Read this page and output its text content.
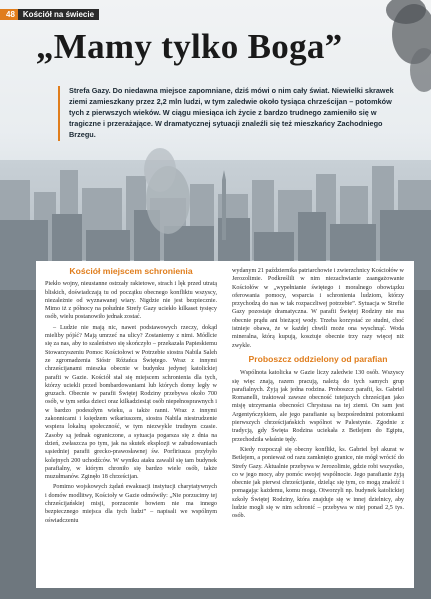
48	Kościół na świecie
„Mamy tylko Boga”

Strefa Gazy. Do niedawna miejsce zapomniane, dziś mówi o nim cały świat. Niewielki skrawek ziemi zamieszkany przez 2,2 mln ludzi, w tym zaledwie około tysiąca chrześcijan – potomków tych z pierwszych wieków. W ciągu miesiąca ich życie z bardzo trudnego zamieniło się w tragiczne i przerażające. W dramatycznej sytuacji znaleźli się też mieszkańcy Zachodniego Brzegu.

Kościół miejscem schronienia

Piekło wojny, nieustanne ostrzały rakietowe, strach i lęk przed utratą bliskich, doświadczają tu od początku obecnego konfliktu wszyscy, niezależnie od wyznawanej wiary. Nigdzie nie jest bezpiecznie. Mimo iż z północy na południe Strefy Gazy uciekło kilkaset tysięcy osób, wielu postanowiło jednak zostać.

– Ludzie nie mają nic, nawet podstawowych rzeczy, dokąd mieliby pójść? Mają umrzeć na ulicy? Zostaniemy z nimi. Módlcie się za nas, aby to szaleństwo się skończyło – przekazała Papieskiemu Stowarzyszeniu Pomoc Kościołowi w Potrzebie siostra Nabila Saleh ze zgromadzenia Sióstr Różańca Świętego. Wraz z innymi chrześcijanami mieszka obecnie w budynku jedynej katolickiej parafii w Gazie. Kościół stał się miejscem schronienia dla tych, którzy uciekli przed bombardowaniami lub których domy legły w gruzach. Obecnie w parafii Świętej Rodziny przebywa około 700 osób, w tym setka dzieci oraz kilkadziesiąt osób niepełnosprawnych i w bardzo podeszłym wieku, a także ranni. Wraz z innymi zakonnicami i księdzem wikariuszem, siostra Nabila niestrudzenie wspiera lokalną społeczność, w tym niezwykle trudnym czasie. Zasoby są jednak ograniczone, a sytuacja pogarsza się z dnia na dzień, zwłaszcza po tym, jak na skutek eksplozji w zabudowaniach sąsiedniej parafii grecko-prawosławnej św. Porfiriusza przybyło kolejnych 200 uchodźców. W wyniku ataku zawalił się tam budynek parafialny, w którym chroniło się bardzo wiele osób, także muzułmanów. Zginęło 18 chrześcijan.

Pomimo wojskowych żądań ewakuacji instytucji charytatywnych i domów modlitwy, Kościoły w Gazie odmówiły: „Nie porzucimy tej chrześcijańskiej misji, porzucenie bowiem nie ma innego bezpiecznego miejsca dla tych ludzi” – napisali we wspólnym oświadczeniu

wydanym 21 października patriarchowie i zwierzchnicy Kościołów w Jerozolimie. Podkreślili w nim niezachwianie zaangażowanie Kościołów w „wypełnianie świętego i moralnego obowiązku oferowania pomocy, wsparcia i schronienia ludziom, którzy przychodzą do nas w tak rozpaczliwej potrzebie”. Sytuacja w Strefie Gazy pozostaje dramatyczna. W parafii Świętej Rodziny nie ma obecnie prądu ani bieżącej wody. Trzeba korzystać ze studni, choć istnieje obawa, że w każdej chwili może ona wyschnąć. Woda mineralna, którą kupują, kosztuje obecnie trzy razy więcej niż zwykle.

Proboszcz oddzielony od parafian

Wspólnota katolicka w Gazie liczy zaledwie 130 osób. Wszyscy się więc znają, razem pracują, należą do tych samych grup parafialnych. Żyją jak jedna rodzina. Proboszcz parafii, ks. Gabriel Romanelli, traktował zawsze obecność tutejszych chrześcijan jako misję utrzymania obecności Chrystusa na tej ziemi. On sam jest Argentyńczykiem, ale jego parafianie są bezpośrednimi potomkami pierwszych chrześcijańskich wspólnot w Palestynie. Zgodnie z tradycją, gdy Święta Rodzina uciekała z Betlejem do Egiptu, przechodziła właśnie tędy.

Kiedy rozpoczął się obecny konflikt, ks. Gabriel był akurat w Betlejem, a ponieważ od razu zamknięto granice, nie mógł wrócić do Strefy Gazy. Aktualnie przebywa w Jerozolimie, gdzie robi wszystko, co w jego mocy, aby pomóc swojej wspólnocie. Jego parafianie żyją obecnie jak pierwsi chrześcijanie, dzieląc się tym, co mogą znaleźć i pomagając każdemu, komu mogą. Otworzyli np. budynek katolickiej szkoły Świętej Rodziny, która znajduje się w innej dzielnicy, aby ludzie mogli się w nim schronić – przebywa w niej ponad 2,5 tys. osób.
